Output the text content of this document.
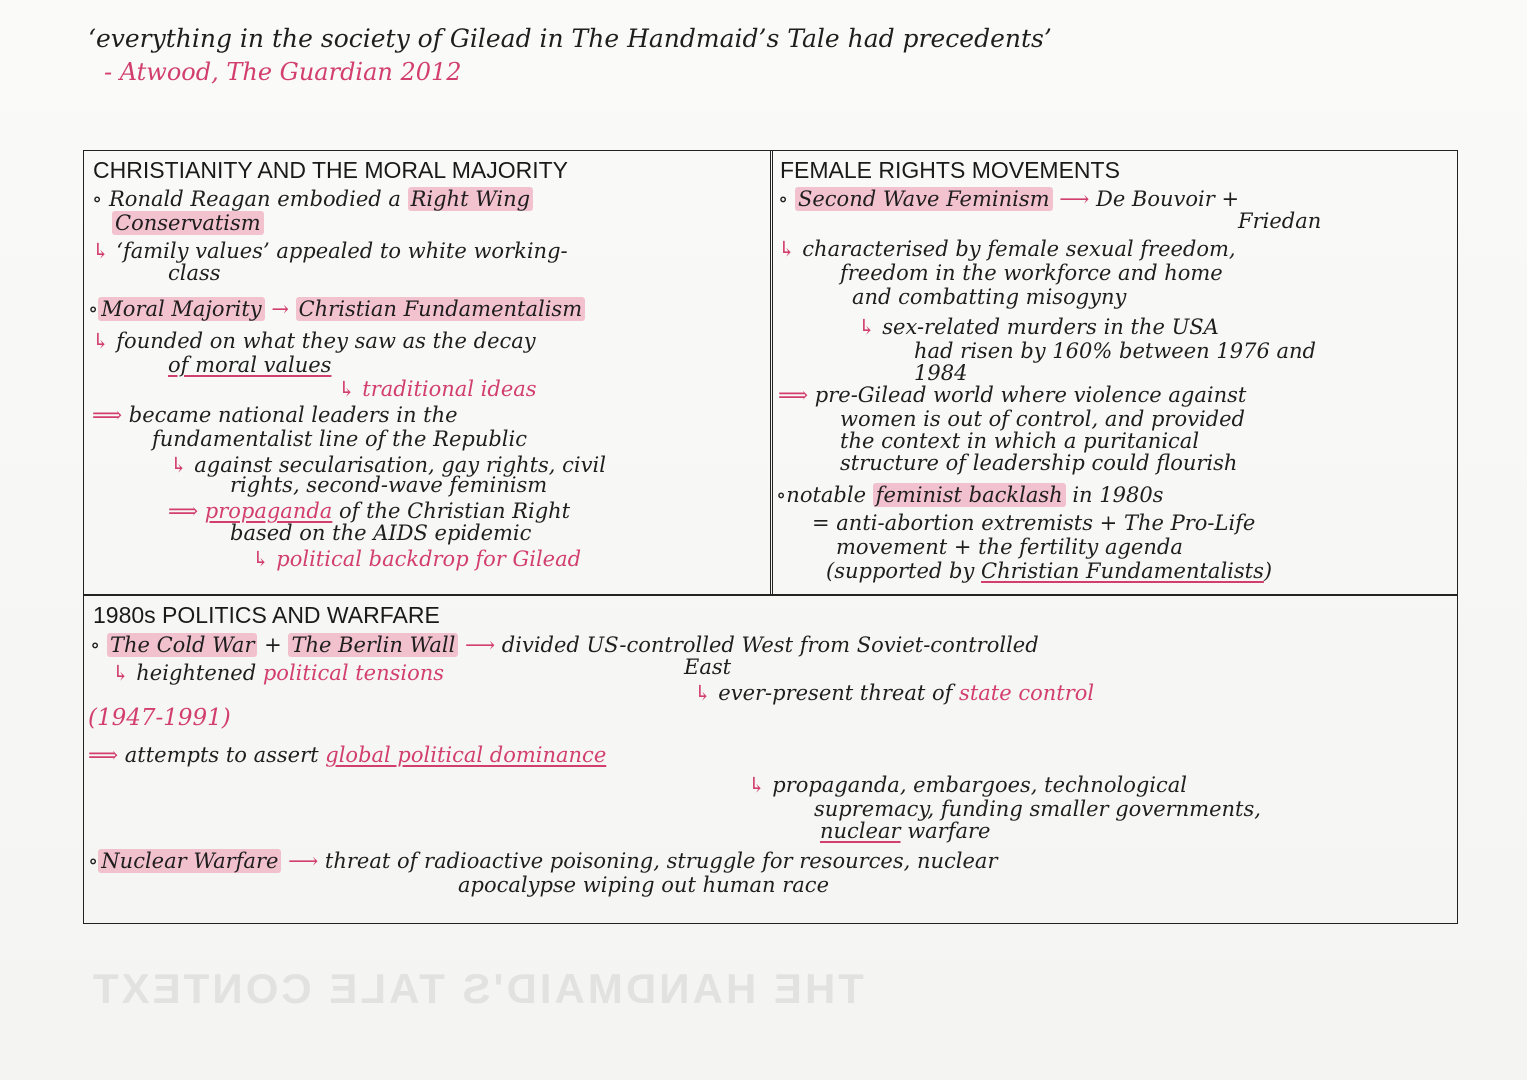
THE HANDMAID'S TALE CONTEXT
‘everything in the society of Gilead in The Handmaid’s Tale had precedents’
- Atwood, The Guardian 2012
CHRISTIANITY AND THE MORAL MAJORITY
∘ Ronald Reagan embodied a Right Wing
Conservatism
↳ ‘family values’ appealed to white working-
class
∘ Moral Majority → Christian Fundamentalism
↳ founded on what they saw as the decay
of moral values
↳ traditional ideas
⟹ became national leaders in the
fundamentalist line of the Republic
↳ against secularisation, gay rights, civil
rights, second-wave feminism
⟹ propaganda of the Christian Right
based on the AIDS epidemic
↳ political backdrop for Gilead
FEMALE RIGHTS MOVEMENTS
∘ Second Wave Feminism ⟶ De Bouvoir +
Friedan
↳ characterised by female sexual freedom,
freedom in the workforce and home
and combatting misogyny
↳ sex-related murders in the USA
had risen by 160% between 1976 and
1984
⟹ pre-Gilead world where violence against
women is out of control, and provided
the context in which a puritanical
structure of leadership could flourish
∘notable feminist backlash in 1980s
= anti-abortion extremists + The Pro-Life
movement + the fertility agenda
(supported by Christian Fundamentalists)
1980s POLITICS AND WARFARE
∘ The Cold War + The Berlin Wall ⟶ divided US-controlled West from Soviet-controlled
East
↳ heightened political tensions
(1947-1991)
↳ ever-present threat of state control
⟹ attempts to assert global political dominance
↳ propaganda, embargoes, technological
supremacy, funding smaller governments,
nuclear warfare
∘ Nuclear Warfare ⟶ threat of radioactive poisoning, struggle for resources, nuclear
apocalypse wiping out human race
